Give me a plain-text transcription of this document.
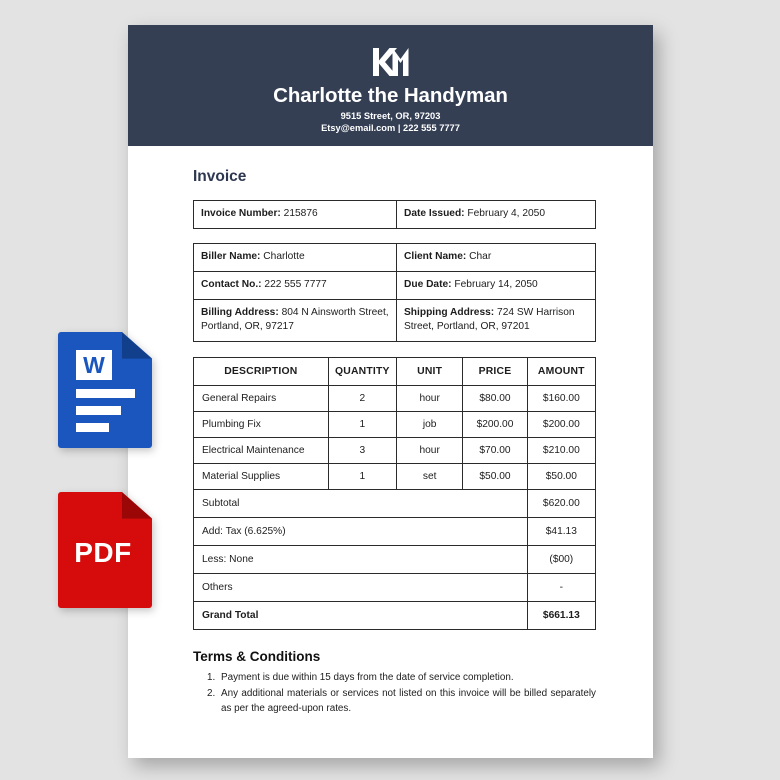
W
PDF
Charlotte the Handyman
9515 Street, OR, 97203
Etsy@email.com | 222 555 7777
Invoice
Invoice Number: 215876	Date Issued: February 4, 2050
Biller Name: Charlotte	Client Name: Char
Contact No.: 222 555 7777	Due Date: February 14, 2050
Billing Address: 804 N Ainsworth Street, Portland, OR, 97217	Shipping Address: 724 SW Harrison Street, Portland, OR, 97201
DESCRIPTION	QUANTITY	UNIT	PRICE	AMOUNT
General Repairs	2	hour	$80.00	$160.00
Plumbing Fix	1	job	$200.00	$200.00
Electrical Maintenance	3	hour	$70.00	$210.00
Material Supplies	1	set	$50.00	$50.00
Subtotal				$620.00
Add: Tax (6.625%)				$41.13
Less: None				($00)
Others				-
Grand Total				$661.13
Terms & Conditions
1. Payment is due within 15 days from the date of service completion.
2. Any additional materials or services not listed on this invoice will be billed separately as per the agreed-upon rates.
